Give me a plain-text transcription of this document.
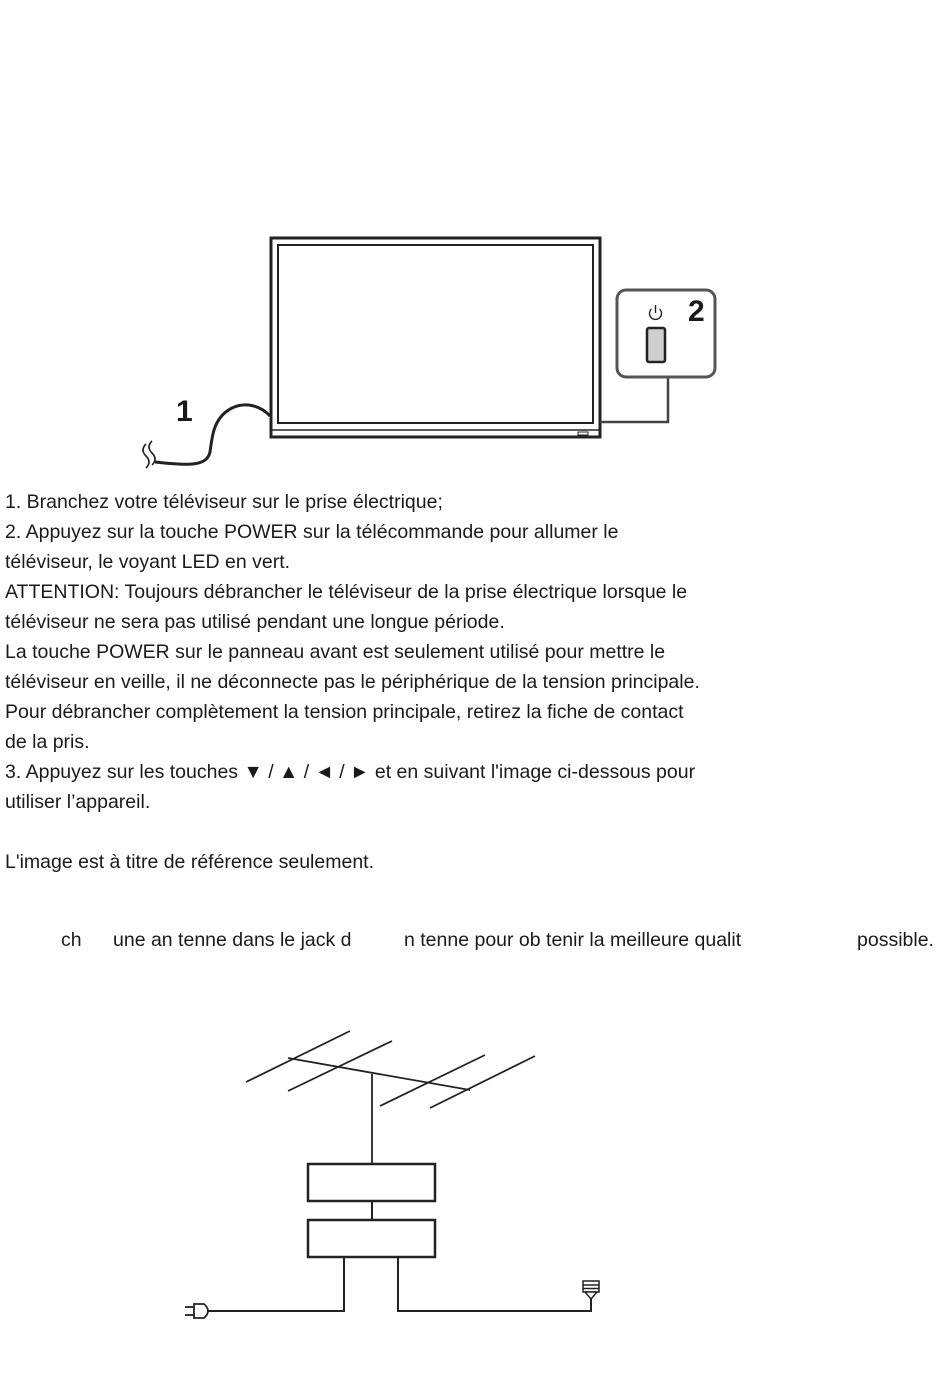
2
1

1. Branchez votre téléviseur sur le prise électrique;

2. Appuyez sur la touche POWER sur la télécommande pour allumer le

téléviseur, le voyant LED en vert.

ATTENTION: Toujours débrancher le téléviseur de la prise électrique lorsque le

téléviseur ne sera pas utilisé pendant une longue période.

La touche POWER sur le panneau avant est seulement utilisé pour mettre le

téléviseur en veille, il ne déconnecte pas le périphérique de la tension principale.

Pour débrancher complètement la tension principale, retirez la fiche de contact

de la pris.

3. Appuyez sur les touches ▼ / ▲ / ◄ / ► et en suivant l'image ci-dessous pour

utiliser l’appareil.

L'image est à titre de référence seulement.

ch une an tenne dans le jack d	n tenne pour ob tenir la meilleure qualit	possible.
